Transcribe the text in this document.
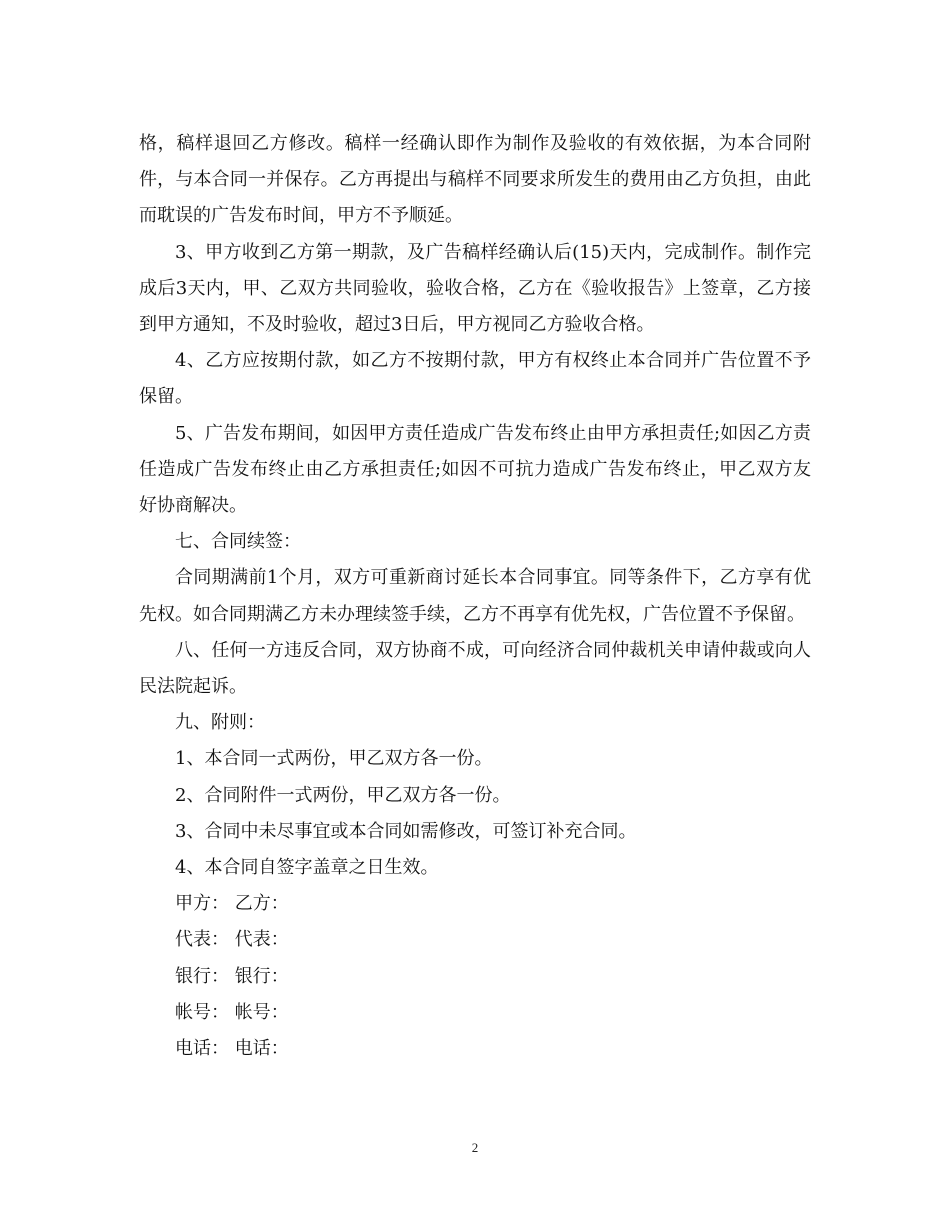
格，稿样退回乙方修改。稿样一经确认即作为制作及验收的有效依据，为本合同附件，与本合同一并保存。乙方再提出与稿样不同要求所发生的费用由乙方负担，由此而耽误的广告发布时间，甲方不予顺延。

3、甲方收到乙方第一期款，及广告稿样经确认后(15)天内，完成制作。制作完成后3天内，甲、乙双方共同验收，验收合格，乙方在《验收报告》上签章，乙方接到甲方通知，不及时验收，超过3日后，甲方视同乙方验收合格。

4、乙方应按期付款，如乙方不按期付款，甲方有权终止本合同并广告位置不予保留。

5、广告发布期间，如因甲方责任造成广告发布终止由甲方承担责任;如因乙方责任造成广告发布终止由乙方承担责任;如因不可抗力造成广告发布终止，甲乙双方友好协商解决。

七、合同续签：

合同期满前1个月，双方可重新商讨延长本合同事宜。同等条件下，乙方享有优先权。如合同期满乙方未办理续签手续，乙方不再享有优先权，广告位置不予保留。

八、任何一方违反合同，双方协商不成，可向经济合同仲裁机关申请仲裁或向人民法院起诉。

九、附则：

1、本合同一式两份，甲乙双方各一份。

2、合同附件一式两份，甲乙双方各一份。

3、合同中未尽事宜或本合同如需修改，可签订补充合同。

4、本合同自签字盖章之日生效。

甲方： 乙方：

代表： 代表：

银行： 银行：

帐号： 帐号：

电话： 电话：

2
